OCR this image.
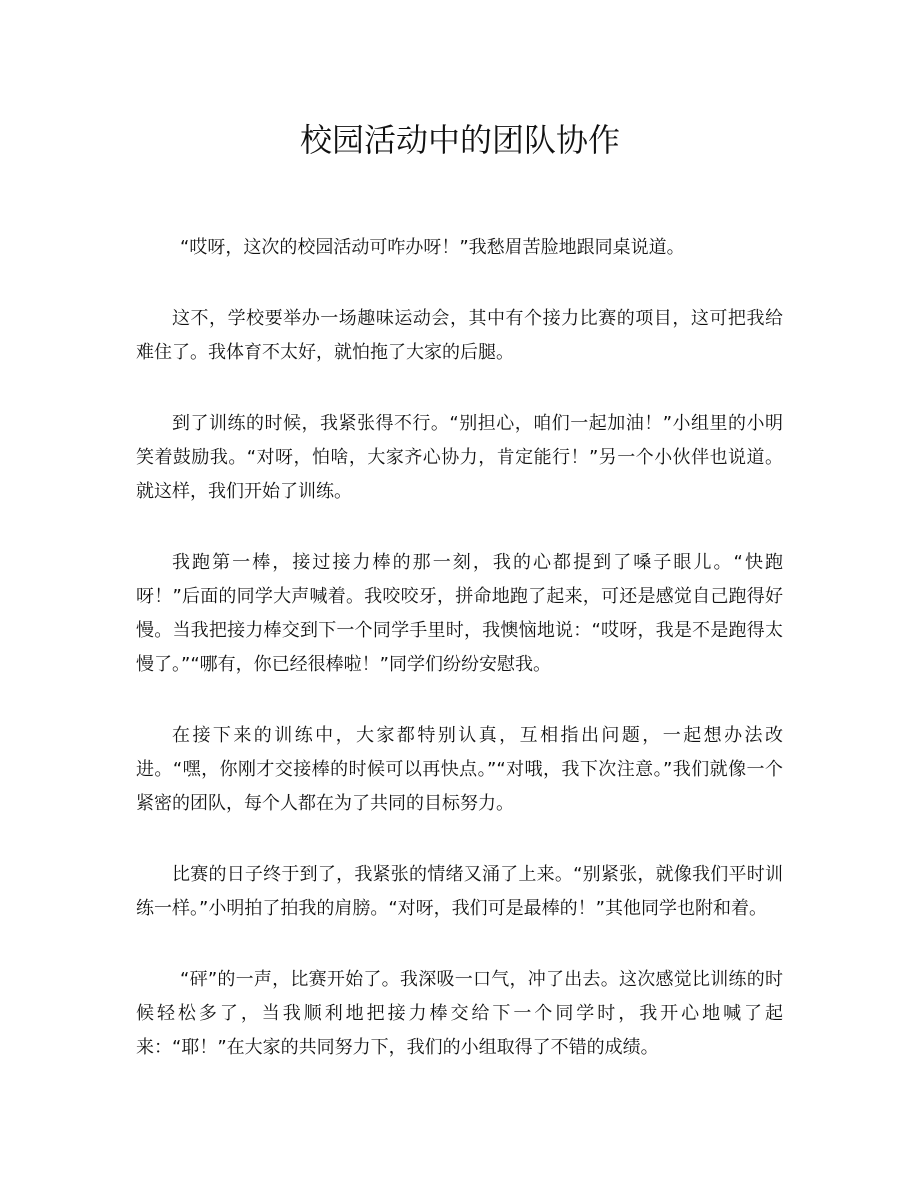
校园活动中的团队协作

“哎呀，这次的校园活动可咋办呀！”我愁眉苦脸地跟同桌说道。

这不，学校要举办一场趣味运动会，其中有个接力比赛的项目，这可把我给难住了。我体育不太好，就怕拖了大家的后腿。

到了训练的时候，我紧张得不行。“别担心，咱们一起加油！”小组里的小明笑着鼓励我。“对呀，怕啥，大家齐心协力，肯定能行！”另一个小伙伴也说道。就这样，我们开始了训练。

我跑第一棒，接过接力棒的那一刻，我的心都提到了嗓子眼儿。“快跑呀！”后面的同学大声喊着。我咬咬牙，拼命地跑了起来，可还是感觉自己跑得好慢。当我把接力棒交到下一个同学手里时，我懊恼地说：“哎呀，我是不是跑得太慢了。”“哪有，你已经很棒啦！”同学们纷纷安慰我。

在接下来的训练中，大家都特别认真，互相指出问题，一起想办法改进。“嘿，你刚才交接棒的时候可以再快点。”“对哦，我下次注意。”我们就像一个紧密的团队，每个人都在为了共同的目标努力。

比赛的日子终于到了，我紧张的情绪又涌了上来。“别紧张，就像我们平时训练一样。”小明拍了拍我的肩膀。“对呀，我们可是最棒的！”其他同学也附和着。

“砰”的一声，比赛开始了。我深吸一口气，冲了出去。这次感觉比训练的时候轻松多了，当我顺利地把接力棒交给下一个同学时，我开心地喊了起来：“耶！”在大家的共同努力下，我们的小组取得了不错的成绩。
